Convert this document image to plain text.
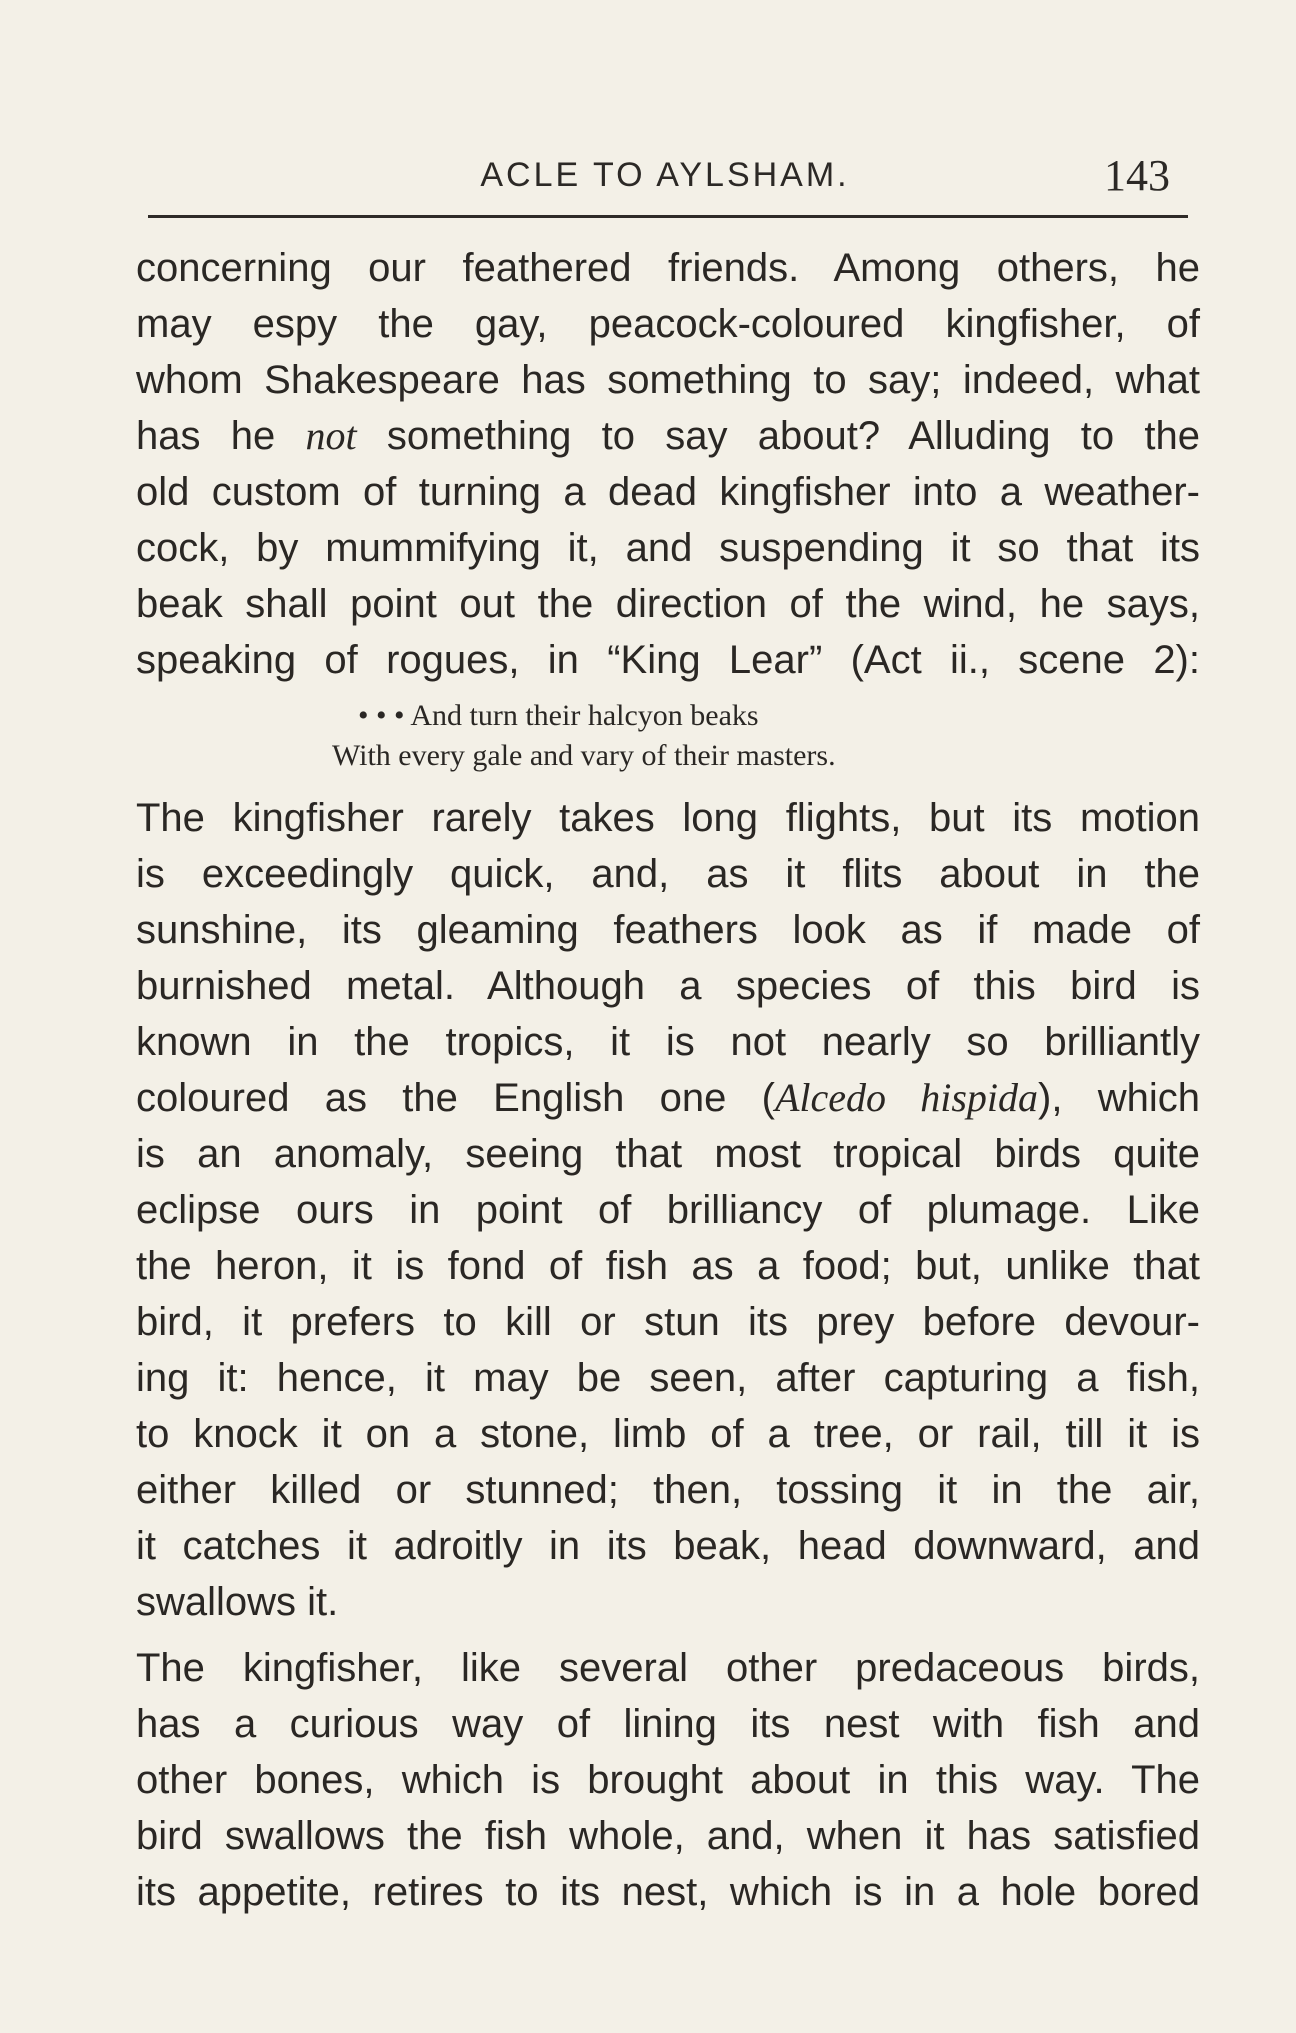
ACLE TO AYLSHAM.	143
concerning our feathered friends. Among others, he
may espy the gay, peacock-coloured kingfisher, of
whom Shakespeare has something to say; indeed, what
has he not something to say about? Alluding to the
old custom of turning a dead kingfisher into a weather-
cock, by mummifying it, and suspending it so that its
beak shall point out the direction of the wind, he says,
speaking of rogues, in “King Lear” (Act ii., scene 2):
• • • And turn their halcyon beaks
With every gale and vary of their masters.
The kingfisher rarely takes long flights, but its motion
is exceedingly quick, and, as it flits about in the
sunshine, its gleaming feathers look as if made of
burnished metal. Although a species of this bird is
known in the tropics, it is not nearly so brilliantly
coloured as the English one (Alcedo hispida), which
is an anomaly, seeing that most tropical birds quite
eclipse ours in point of brilliancy of plumage. Like
the heron, it is fond of fish as a food; but, unlike that
bird, it prefers to kill or stun its prey before devour-
ing it: hence, it may be seen, after capturing a fish,
to knock it on a stone, limb of a tree, or rail, till it is
either killed or stunned; then, tossing it in the air,
it catches it adroitly in its beak, head downward, and
swallows it.
The kingfisher, like several other predaceous birds,
has a curious way of lining its nest with fish and
other bones, which is brought about in this way. The
bird swallows the fish whole, and, when it has satisfied
its appetite, retires to its nest, which is in a hole bored
